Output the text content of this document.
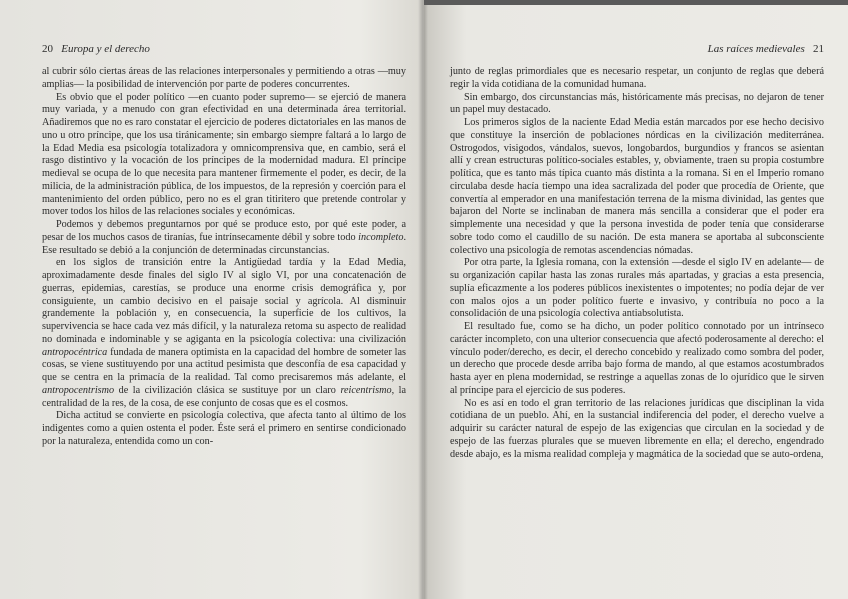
20 Europa y el derecho

al cubrir sólo ciertas áreas de las relaciones interpersonales y permitiendo a otras —muy amplias— la posibilidad de intervención por parte de poderes concurrentes.

Es obvio que el poder político —en cuanto poder supremo— se ejerció de manera muy variada, y a menudo con gran efectividad en una determinada área territorial. Añadiremos que no es raro constatar el ejercicio de poderes dictatoriales en las manos de uno u otro príncipe, que los usa tiránicamente; sin embargo siempre faltará a lo largo de la Edad Media esa psicología totalizadora y omnicomprensiva que, en cambio, será el rasgo distintivo y la vocación de los príncipes de la modernidad madura. El príncipe medieval se ocupa de lo que necesita para mantener firmemente el poder, es decir, de la milicia, de la administración pública, de los impuestos, de la represión y coerción para el mantenimiento del orden público, pero no es el gran titiritero que pretende controlar y mover todos los hilos de las relaciones sociales y económicas.

Podemos y debemos preguntarnos por qué se produce esto, por qué este poder, a pesar de los muchos casos de tiranías, fue intrínsecamente débil y sobre todo incompleto. Ese resultado se debió a la conjunción de determinadas circunstancias.

en los siglos de transición entre la Antigüedad tardía y la Edad Media, aproximadamente desde finales del siglo IV al siglo VI, por una concatenación de guerras, epidemias, carestías, se produce una enorme crisis demográfica y, por consiguiente, un cambio decisivo en el paisaje social y agrícola. Al disminuir grandemente la población y, en consecuencia, la superficie de los cultivos, la supervivencia se hace cada vez más difícil, y la naturaleza retoma su aspecto de realidad no dominada e indominable y se agiganta en la psicología colectiva: una civilización antropocéntrica fundada de manera optimista en la capacidad del hombre de someter las cosas, se viene sustituyendo por una actitud pesimista que desconfía de esa capacidad y que se centra en la primacía de la realidad. Tal como precisaremos más adelante, el antropocentrismo de la civilización clásica se sustituye por un claro reicentrismo, la centralidad de la res, de la cosa, de ese conjunto de cosas que es el cosmos.

Dicha actitud se convierte en psicología colectiva, que afecta tanto al último de los indigentes como a quien ostenta el poder. Éste será el primero en sentirse condicionado por la naturaleza, entendida como un con-

Las raíces medievales 21

junto de reglas primordiales que es necesario respetar, un conjunto de reglas que deberá regir la vida cotidiana de la comunidad humana.

Sin embargo, dos circunstancias más, históricamente más precisas, no dejaron de tener un papel muy destacado.

Los primeros siglos de la naciente Edad Media están marcados por ese hecho decisivo que constituye la inserción de poblaciones nórdicas en la civilización mediterránea. Ostrogodos, visigodos, vándalos, suevos, longobardos, burgundios y francos se asientan allí y crean estructuras político-sociales estables, y, obviamente, traen su propia costumbre política, que es tanto más típica cuanto más distinta a la romana. Si en el Imperio romano circulaba desde hacía tiempo una idea sacralizada del poder que procedía de Oriente, que convertía al emperador en una manifestación terrena de la misma divinidad, las gentes que bajaron del Norte se inclinaban de manera más sencilla a considerar que el poder era simplemente una necesidad y que la persona investida de poder tenía que considerarse sobre todo como el caudillo de su nación. De esta manera se aportaba al subconsciente colectivo una psicología de remotas ascendencias nómadas.

Por otra parte, la Iglesia romana, con la extensión —desde el siglo IV en adelante— de su organización capilar hasta las zonas rurales más apartadas, y gracias a esta presencia, suplía eficazmente a los poderes públicos inexistentes o impotentes; no podía dejar de ver con malos ojos a un poder político fuerte e invasivo, y contribuía no poco a la consolidación de una psicología colectiva antiabsolutista.

El resultado fue, como se ha dicho, un poder político connotado por un intrínseco carácter incompleto, con una ulterior consecuencia que afectó poderosamente al derecho: el vínculo poder/derecho, es decir, el derecho concebido y realizado como sombra del poder, un derecho que procede desde arriba bajo forma de mando, al que estamos acostumbrados hasta ayer en plena modernidad, se restringe a aquellas zonas de lo ojurídico que le sirven al príncipe para el ejercicio de sus poderes.

No es así en todo el gran territorio de las relaciones jurídicas que disciplinan la vida cotidiana de un pueblo. Ahí, en la sustancial indiferencia del poder, el derecho vuelve a adquirir su carácter natural de espejo de las exigencias que circulan en la sociedad y de espejo de las fuerzas plurales que se mueven libremente en ella; el derecho, engendrado desde abajo, es la misma realidad compleja y magmática de la sociedad que se auto-ordena,
